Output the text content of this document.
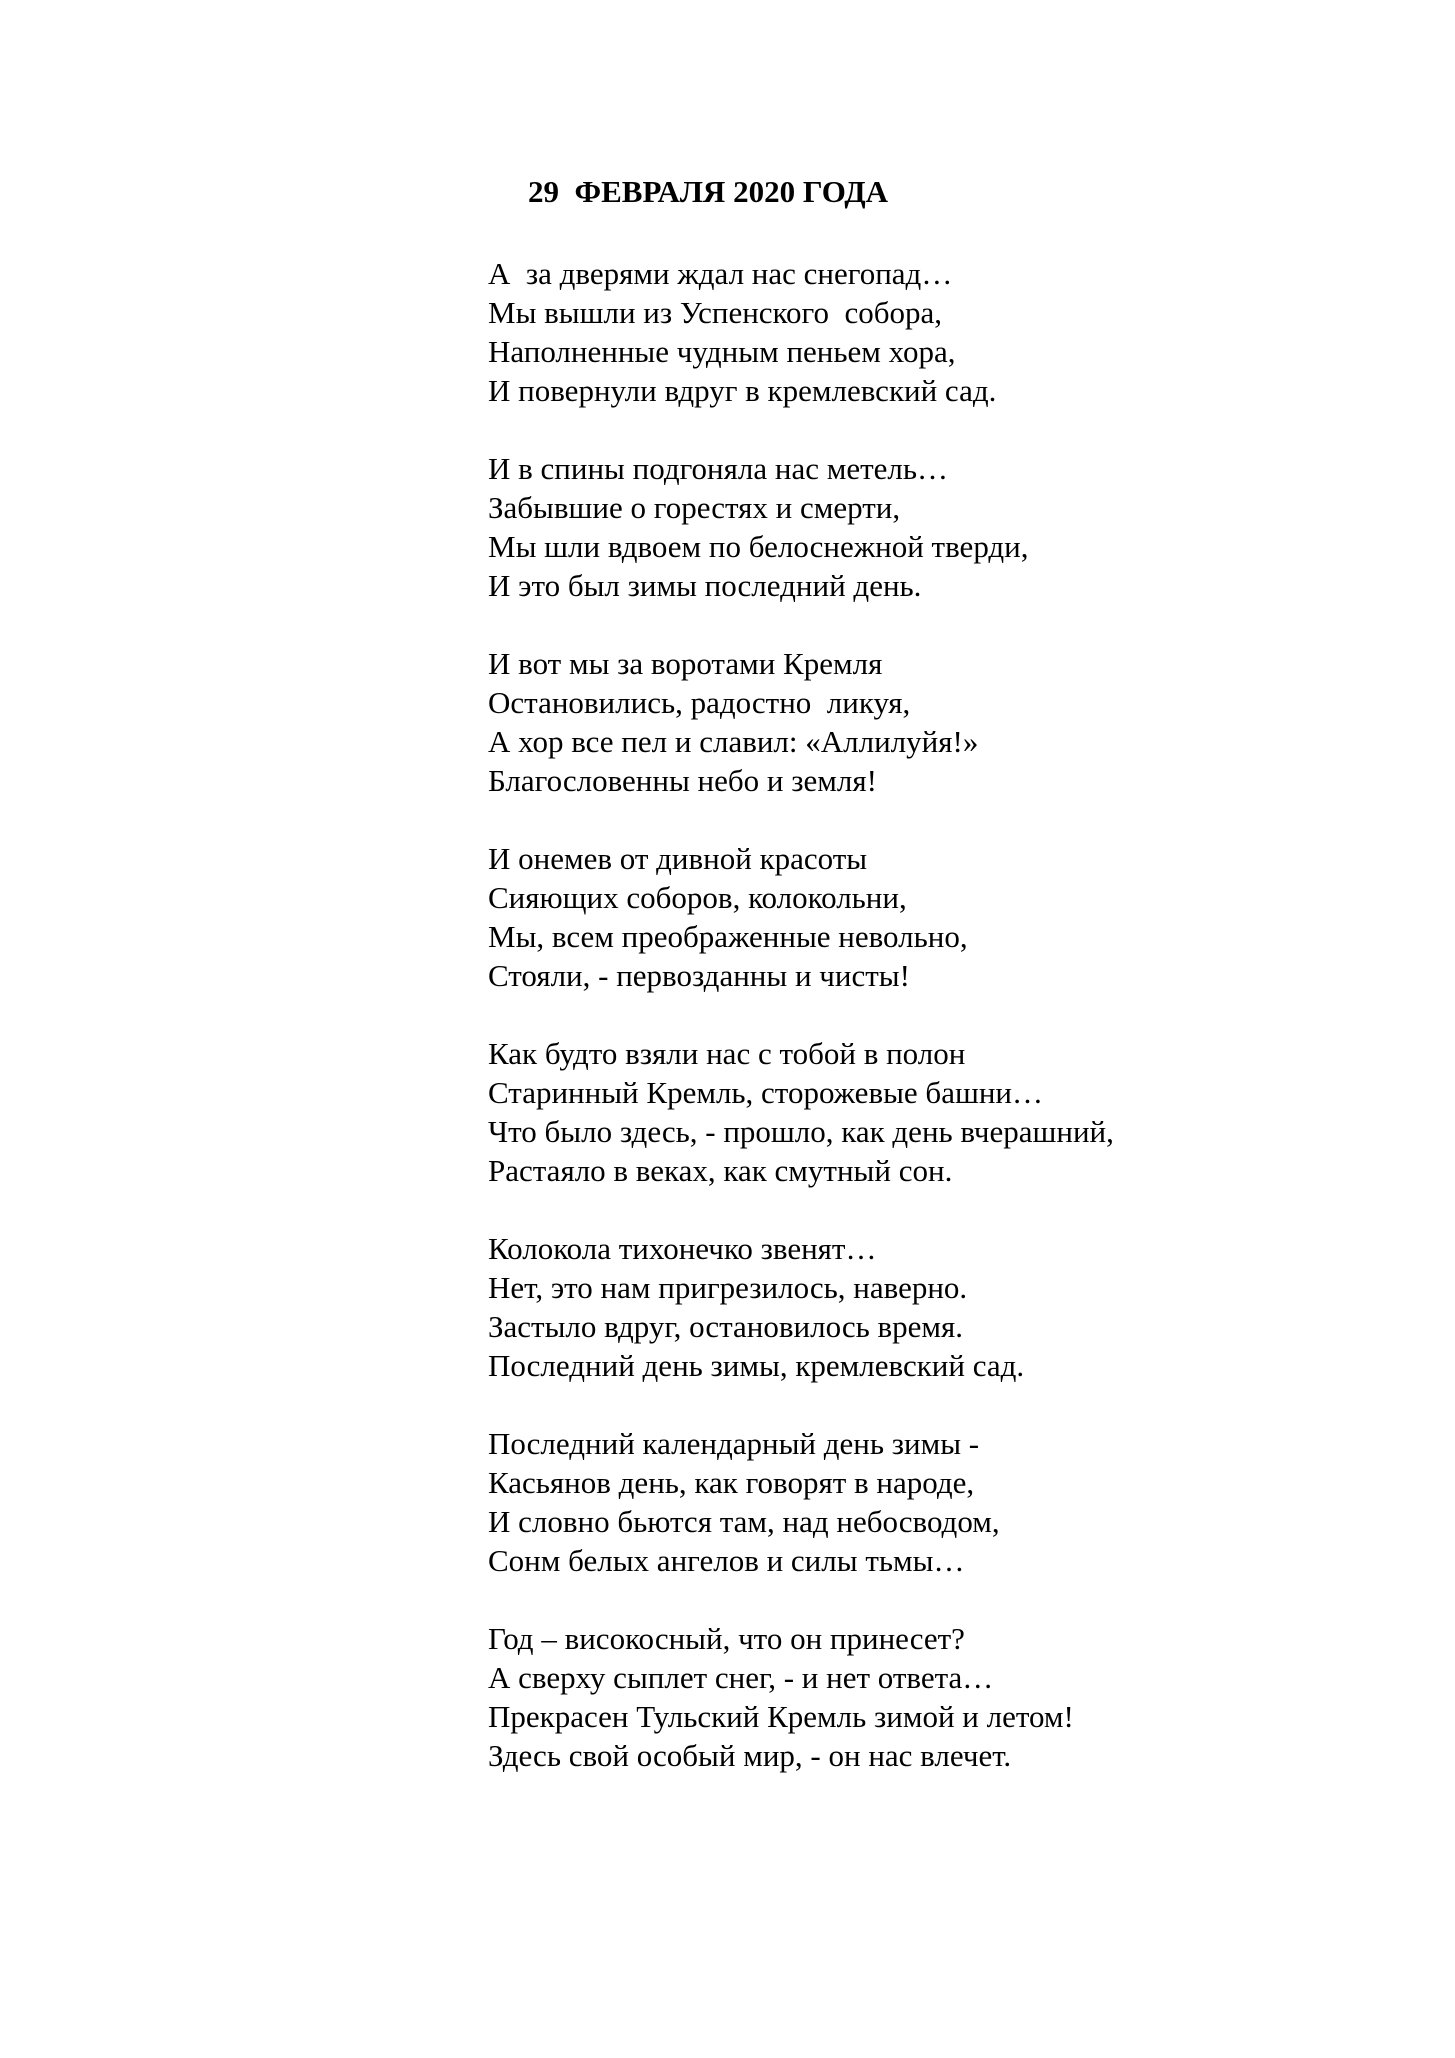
29  ФЕВРАЛЯ 2020 ГОДА
А  за дверями ждал нас снегопад…
Мы вышли из Успенского  собора,
Наполненные чудным пеньем хора,
И повернули вдруг в кремлевский сад.
И в спины подгоняла нас метель…
Забывшие о горестях и смерти,
Мы шли вдвоем по белоснежной тверди,
И это был зимы последний день.
И вот мы за воротами Кремля
Остановились, радостно  ликуя,
А хор все пел и славил: «Аллилуйя!»
Благословенны небо и земля!
И онемев от дивной красоты
Сияющих соборов, колокольни,
Мы, всем преображенные невольно,
Стояли, - первозданны и чисты!
Как будто взяли нас с тобой в полон
Старинный Кремль, сторожевые башни…
Что было здесь, - прошло, как день вчерашний,
Растаяло в веках, как смутный сон.
Колокола тихонечко звенят…
Нет, это нам пригрезилось, наверно.
Застыло вдруг, остановилось время.
Последний день зимы, кремлевский сад.
Последний календарный день зимы -
Касьянов день, как говорят в народе,
И словно бьются там, над небосводом,
Сонм белых ангелов и силы тьмы…
Год – високосный, что он принесет?
А сверху сыплет снег, - и нет ответа…
Прекрасен Тульский Кремль зимой и летом!
Здесь свой особый мир, - он нас влечет.
